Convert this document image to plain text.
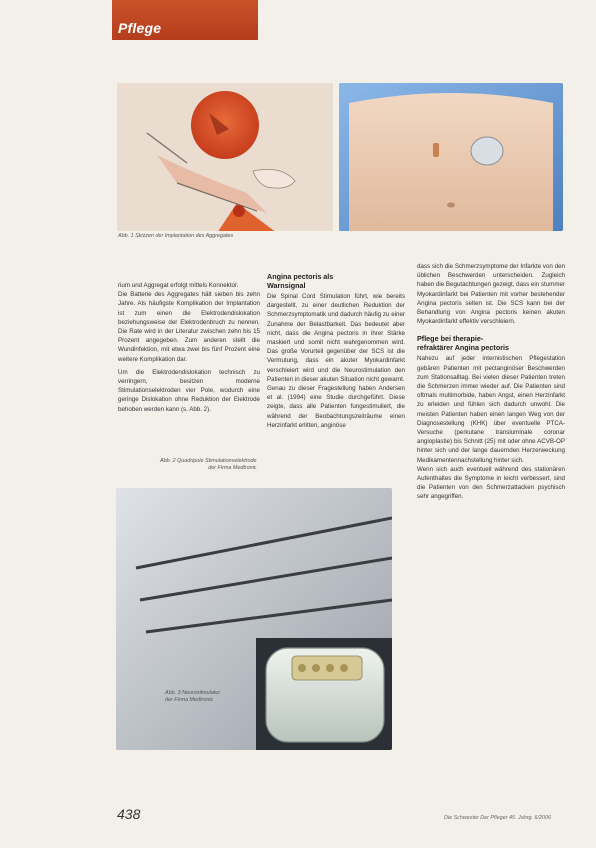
Pflege
Abb. 1 Skizzen der Implantation des Aggregates

rium und Aggregat erfolgt mittels Konnektor.

Die Batterie des Aggregates hält sieben bis zehn Jahre. Als häufigste Komplikation der Implantation ist zum einen die Elektrodendislokation beziehungsweise der Elektrodenbruch zu nennen. Die Rate wird in der Literatur zwischen zehn bis 15 Prozent angegeben. Zum anderen stellt die Wundinfektion, mit etwa zwei bis fünf Prozent eine weitere Komplikation dar.

Um die Elektrodendislokation technisch zu verringern, besitzen moderne Stimulationselektroden vier Pole, wodurch eine geringe Dislokation ohne Reduktion der Elektrode behoben werden kann (s. Abb. 2).

Abb. 2 Quadripole Stimulationselektrode
der Firma Medtronic
Angina pectoris als
Warnsignal

Die Spinal Cord Stimulation führt, wie bereits dargestellt, zu einer deutlichen Reduktion der Schmerzsymptomatik und dadurch häufig zu einer Zunahme der Belastbarkeit. Das bedeutet aber nicht, dass die Angina pectoris in ihrer Stärke maskiert und somit nicht wahrgenommen wird. Das große Vorurteil gegenüber der SCS ist die Vermutung, dass ein akuter Myokardinfarkt verschleiert wird und die Neurostimulation den Patienten in dieser akuten Situation nicht gewarnt.

Genau zu dieser Fragestellung haben Andersen et al. (1994) eine Studie durchgeführt. Diese zeigte, dass alle Patienten fungestimuliert, die während der Beobachtungszeiträume einen Herzinfarkt erlitten, anginöse

dass sich die Schmerzsymptome der Infarkte von den üblichen Beschwerden unterscheiden. Zugleich haben die Begutachtungen gezeigt, dass ein stummer Myokardinfarkt bei Patienten mit vorher bestehender Angina pectoris selten ist. Die SCS kann bei der Behandlung von Angina pectoris keinen akuten Myokardinfarkt effektiv verschleiern.

Pflege bei therapie-
refraktärer Angina pectoris

Nahezu auf jeder internistischen Pflegestation gebären Patienten mit pectanginöser Beschwerden zum Stationsalltag. Bei vielen dieser Patienten treten die Schmerzen immer wieder auf. Die Patienten sind oftmals multimorbide, haben Angst, einen Herzinfarkt zu erleiden und fühlen sich dadurch unwohl. Die meisten Patienten haben einen langen Weg von der Diagnosestellung (KHK) über eventuelle PTCA-Versuche (perkutane transluminale coronar angioplastie) bis Schnitt (25) mit oder ohne ACVB-OP hinter sich und der lange dauernden Herzerweckung Medikamentennachstellung hinter sich.

Wenn sich auch eventuell während des stationären Aufenthaltes die Symptome in leicht verbessert, sind die Patienten von den Schmerzattacken psychisch sehr angegriffen.

Abb. 3 Neurostimulator
der Firma Medtronic
438	Die Schwester Der Pfleger 45. Jahrg. 6/2006
